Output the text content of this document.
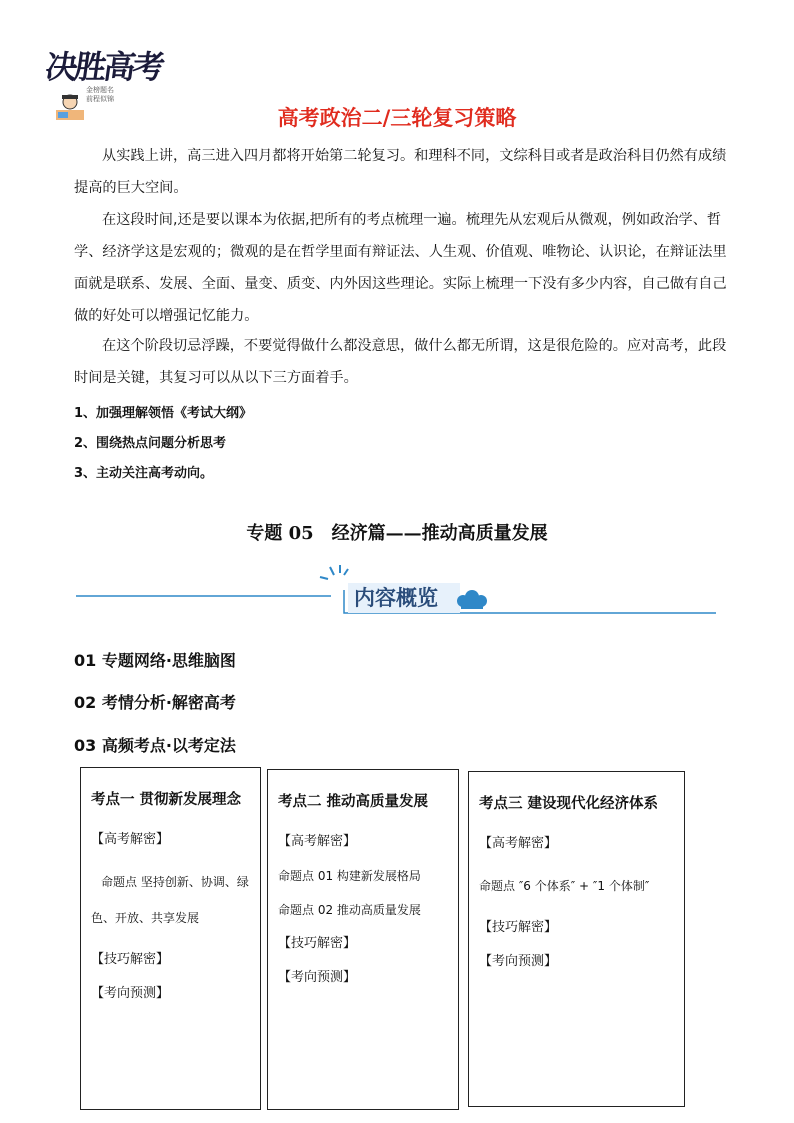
决胜高考
金榜题名
前程似锦
高考政治二/三轮复习策略

从实践上讲，高三进入四月都将开始第二轮复习。和理科不同，文综科目或者是政治科目仍然有成绩提高的巨大空间。

在这段时间,还是要以课本为依据,把所有的考点梳理一遍。梳理先从宏观后从微观，例如政治学、哲学、经济学这是宏观的；微观的是在哲学里面有辩证法、人生观、价值观、唯物论、认识论，在辩证法里面就是联系、发展、全面、量变、质变、内外因这些理论。实际上梳理一下没有多少内容，自己做有自己做的好处可以增强记忆能力。

在这个阶段切忌浮躁，不要觉得做什么都没意思，做什么都无所谓，这是很危险的。应对高考，此段时间是关键，其复习可以从以下三方面着手。

1、加强理解领悟《考试大纲》
2、围绕热点问题分析思考
3、主动关注高考动向。
专题 05　经济篇——推动高质量发展
内容概览
01 专题网络·思维脑图
02 考情分析·解密高考
03 高频考点·以考定法
考点一 贯彻新发展理念
【高考解密】
命题点 坚持创新、协调、绿色、开放、共享发展
【技巧解密】
【考向预测】
考点二 推动高质量发展
【高考解密】
命题点 01 构建新发展格局
命题点 02 推动高质量发展
【技巧解密】
【考向预测】
考点三 建设现代化经济体系
【高考解密】
命题点 ″6 个体系″ + ″1 个体制″
【技巧解密】
【考向预测】
